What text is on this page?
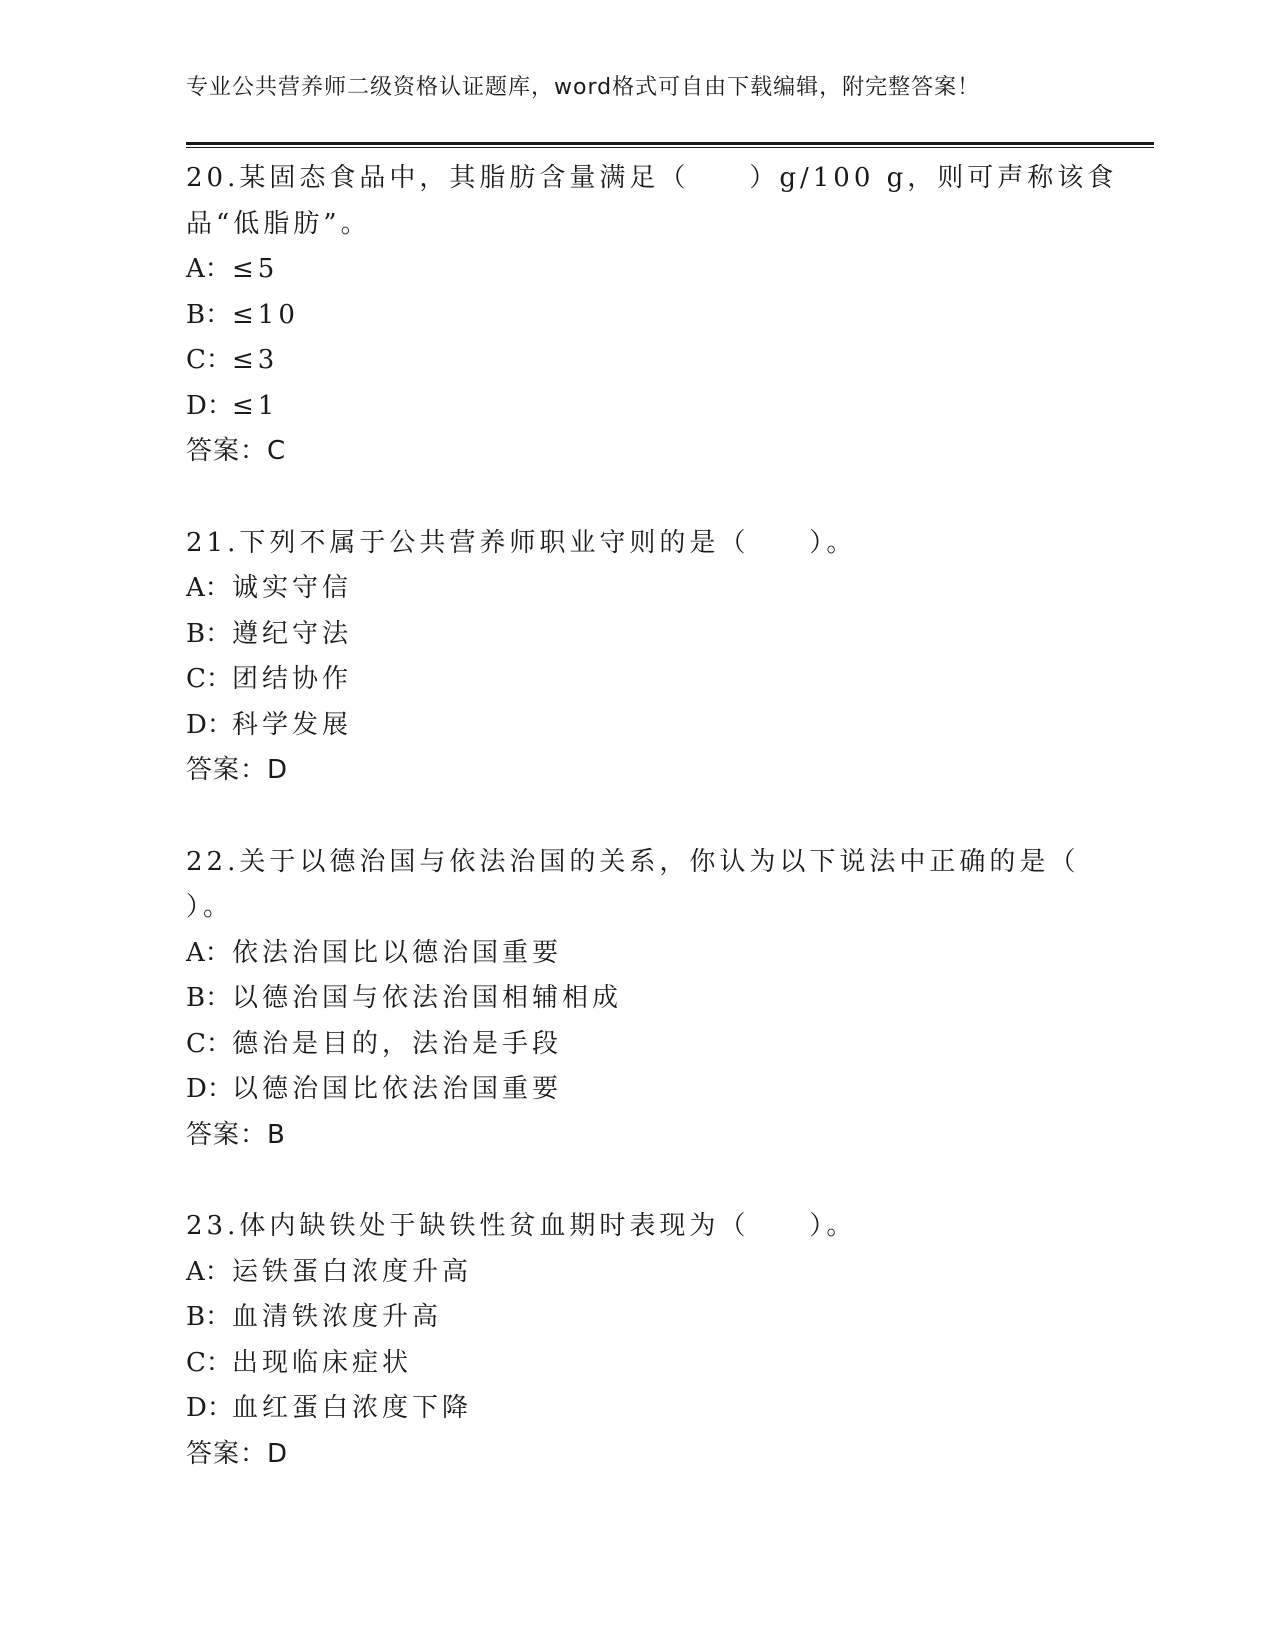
专业公共营养师二级资格认证题库，word格式可自由下载编辑，附完整答案！
20.某固态食品中，其脂肪含量满足（　　）g/100 g，则可声称该食
品“低脂肪”。
A：≤5
B：≤10
C：≤3
D：≤1
答案：C
21.下列不属于公共营养师职业守则的是（　　）。
A：诚实守信
B：遵纪守法
C：团结协作
D：科学发展
答案：D
22.关于以德治国与依法治国的关系，你认为以下说法中正确的是（
）。
A：依法治国比以德治国重要
B：以德治国与依法治国相辅相成
C：德治是目的，法治是手段
D：以德治国比依法治国重要
答案：B
23.体内缺铁处于缺铁性贫血期时表现为（　　）。
A：运铁蛋白浓度升高
B：血清铁浓度升高
C：出现临床症状
D：血红蛋白浓度下降
答案：D
